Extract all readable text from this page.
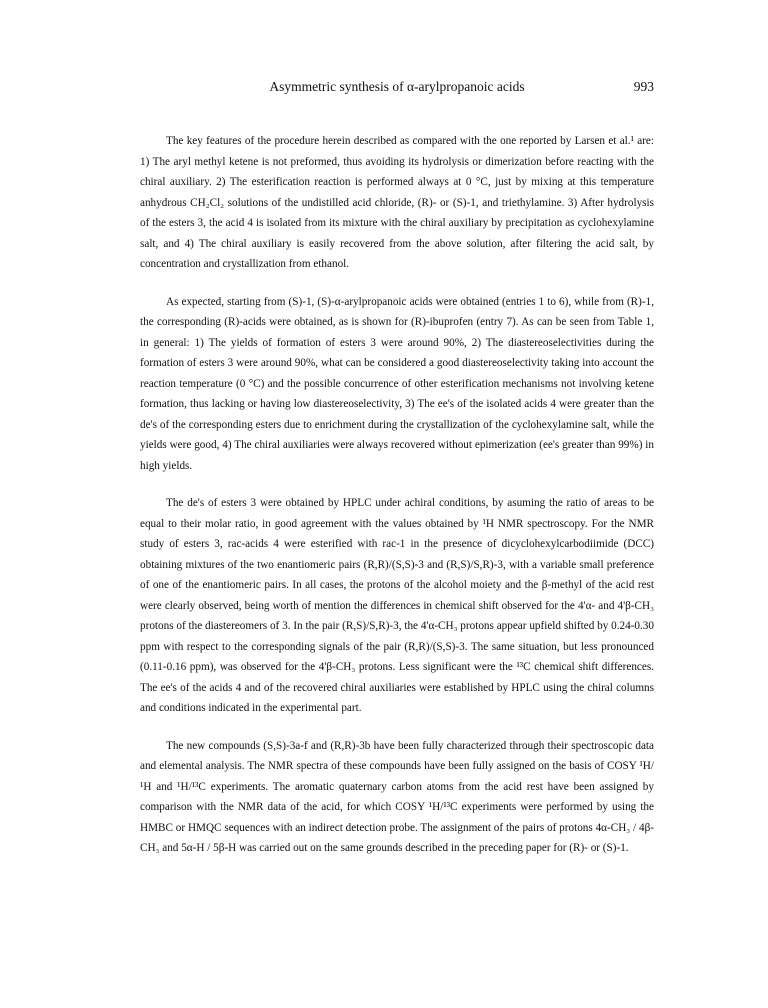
Asymmetric synthesis of α-arylpropanoic acids	993

The key features of the procedure herein described as compared with the one reported by Larsen et al.¹ are: 1) The aryl methyl ketene is not preformed, thus avoiding its hydrolysis or dimerization before reacting with the chiral auxiliary. 2) The esterification reaction is performed always at 0 °C, just by mixing at this temperature anhydrous CH₂Cl₂ solutions of the undistilled acid chloride, (R)- or (S)-1, and triethylamine. 3) After hydrolysis of the esters 3, the acid 4 is isolated from its mixture with the chiral auxiliary by precipitation as cyclohexylamine salt, and 4) The chiral auxiliary is easily recovered from the above solution, after filtering the acid salt, by concentration and crystallization from ethanol.

As expected, starting from (S)-1, (S)-α-arylpropanoic acids were obtained (entries 1 to 6), while from (R)-1, the corresponding (R)-acids were obtained, as is shown for (R)-ibuprofen (entry 7). As can be seen from Table 1, in general: 1) The yields of formation of esters 3 were around 90%, 2) The diastereoselectivities during the formation of esters 3 were around 90%, what can be considered a good diastereoselectivity taking into account the reaction temperature (0 °C) and the possible concurrence of other esterification mechanisms not involving ketene formation, thus lacking or having low diastereoselectivity, 3) The ee's of the isolated acids 4 were greater than the de's of the corresponding esters due to enrichment during the crystallization of the cyclohexylamine salt, while the yields were good, 4) The chiral auxiliaries were always recovered without epimerization (ee's greater than 99%) in high yields.

The de's of esters 3 were obtained by HPLC under achiral conditions, by asuming the ratio of areas to be equal to their molar ratio, in good agreement with the values obtained by ¹H NMR spectroscopy. For the NMR study of esters 3, rac-acids 4 were esterified with rac-1 in the presence of dicyclohexylcarbodiimide (DCC) obtaining mixtures of the two enantiomeric pairs (R,R)/(S,S)-3 and (R,S)/S,R)-3, with a variable small preference of one of the enantiomeric pairs. In all cases, the protons of the alcohol moiety and the β-methyl of the acid rest were clearly observed, being worth of mention the differences in chemical shift observed for the 4'α- and 4'β-CH₃ protons of the diastereomers of 3. In the pair (R,S)/S,R)-3, the 4'α-CH₃ protons appear upfield shifted by 0.24-0.30 ppm with respect to the corresponding signals of the pair (R,R)/(S,S)-3. The same situation, but less pronounced (0.11-0.16 ppm), was observed for the 4'β-CH₃ protons. Less significant were the ¹³C chemical shift differences. The ee's of the acids 4 and of the recovered chiral auxiliaries were established by HPLC using the chiral columns and conditions indicated in the experimental part.

The new compounds (S,S)-3a-f and (R,R)-3b have been fully characterized through their spectroscopic data and elemental analysis. The NMR spectra of these compounds have been fully assigned on the basis of COSY ¹H/¹H and ¹H/¹³C experiments. The aromatic quaternary carbon atoms from the acid rest have been assigned by comparison with the NMR data of the acid, for which COSY ¹H/¹³C experiments were performed by using the HMBC or HMQC sequences with an indirect detection probe. The assignment of the pairs of protons 4α-CH₃ / 4β-CH₃ and 5α-H / 5β-H was carried out on the same grounds described in the preceding paper for (R)- or (S)-1.
